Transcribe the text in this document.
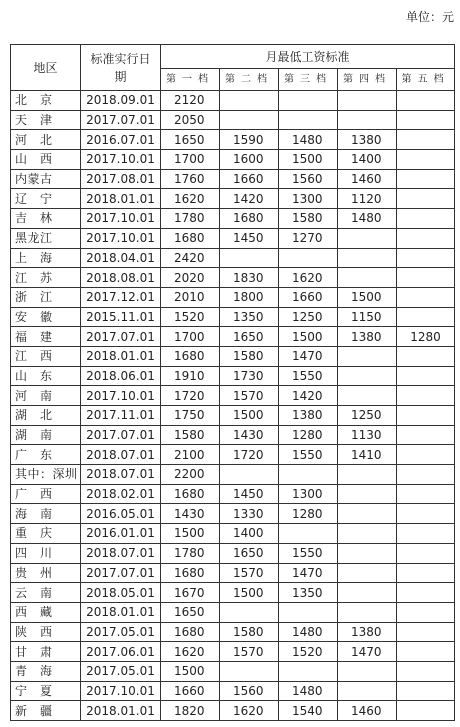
单位：元
地区	标准实行日期	月最低工资标准				
		第一档	第二档	第三档	第四档	第五档
北　京	2018.09.01	2120				
天　津	2017.07.01	2050				
河　北	2016.07.01	1650	1590	1480	1380	
山　西	2017.10.01	1700	1600	1500	1400	
内蒙古	2017.08.01	1760	1660	1560	1460	
辽　宁	2018.01.01	1620	1420	1300	1120	
吉　林	2017.10.01	1780	1680	1580	1480	
黑龙江	2017.10.01	1680	1450	1270		
上　海	2018.04.01	2420				
江　苏	2018.08.01	2020	1830	1620		
浙　江	2017.12.01	2010	1800	1660	1500	
安　徽	2015.11.01	1520	1350	1250	1150	
福　建	2017.07.01	1700	1650	1500	1380	1280
江　西	2018.01.01	1680	1580	1470		
山　东	2018.06.01	1910	1730	1550		
河　南	2017.10.01	1720	1570	1420		
湖　北	2017.11.01	1750	1500	1380	1250	
湖　南	2017.07.01	1580	1430	1280	1130	
广　东	2018.07.01	2100	1720	1550	1410	
其中：深圳	2018.07.01	2200				
广　西	2018.02.01	1680	1450	1300		
海　南	2016.05.01	1430	1330	1280		
重　庆	2016.01.01	1500	1400			
四　川	2018.07.01	1780	1650	1550		
贵　州	2017.07.01	1680	1570	1470		
云　南	2018.05.01	1670	1500	1350		
西　藏	2018.01.01	1650				
陕　西	2017.05.01	1680	1580	1480	1380	
甘　肃	2017.06.01	1620	1570	1520	1470	
青　海	2017.05.01	1500				
宁　夏	2017.10.01	1660	1560	1480		
新　疆	2018.01.01	1820	1620	1540	1460	
